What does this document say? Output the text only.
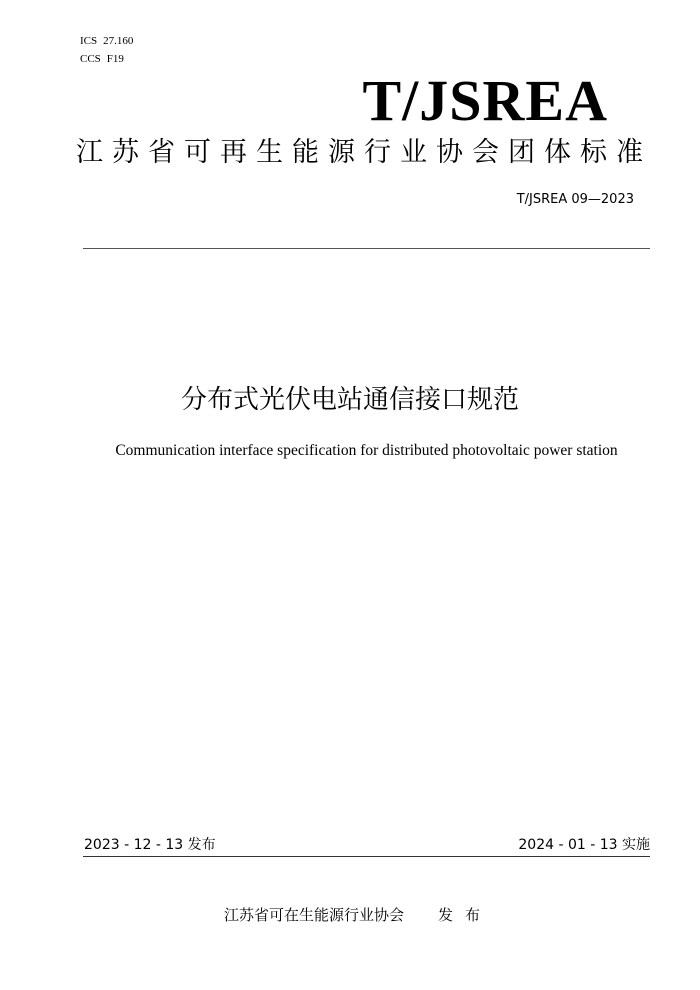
ICS 27.160
CCS F19
T/JSREA
江苏省可再生能源行业协会团体标准
T/JSREA 09—2023
分布式光伏电站通信接口规范
Communication interface specification for distributed photovoltaic power station
2023 - 12 - 13 发布	2024 - 01 - 13 实施
江苏省可在生能源行业协会 发布
